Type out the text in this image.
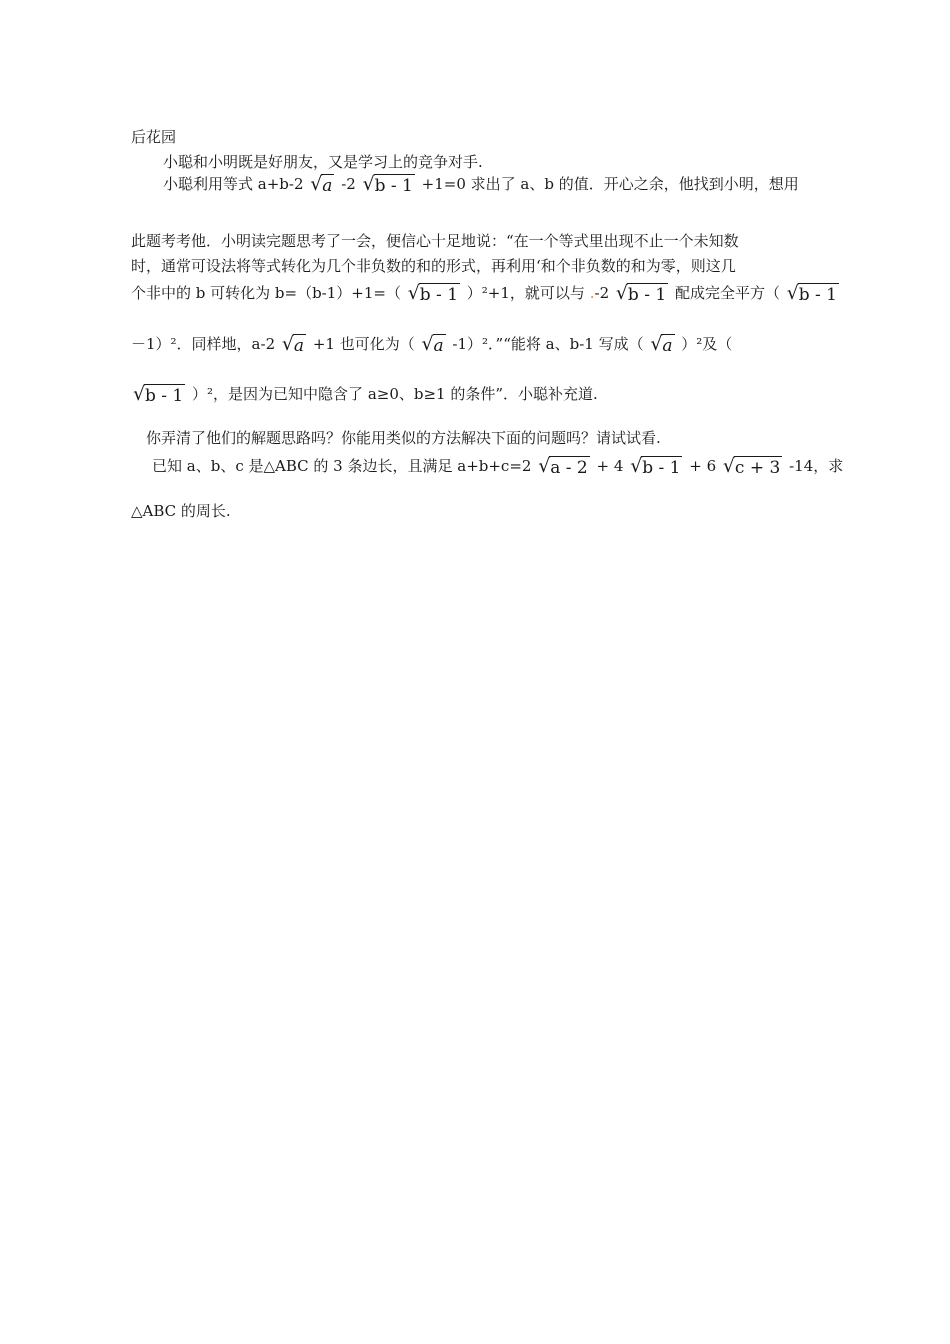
后花园
小聪和小明既是好朋友，又是学习上的竞争对手.
小聪利用等式 a+b-2 √ a -2 √ b - 1 +1=0 求出了 a、b 的值．开心之余，他找到小明，想用
此题考考他．小明读完题思考了一会，便信心十足地说：“在一个等式里出现不止一个未知数
时，通常可设法将等式转化为几个非负数的和的形式，再利用‘和个非负数的和为零，则这几
个非中的 b 可转化为 b=（b-1）+1=（ √ b - 1 ）²+1，就可以与 .-2 √ b - 1 配成完全平方（ √ b - 1
－1）²．同样地，a-2 √ a +1 也可化为（ √ a -1）²．”“能将 a、b-1 写成（ √ a ）²及（
√ b - 1 ）²，是因为已知中隐含了 a≥0、b≥1 的条件”．小聪补充道.
你弄清了他们的解题思路吗？你能用类似的方法解决下面的问题吗？请试试看.
已知 a、b、c 是△ABC 的 3 条边长，且满足 a+b+c=2 √ a - 2 + 4 √ b - 1 + 6 √ c + 3 -14，求
△ABC 的周长.
